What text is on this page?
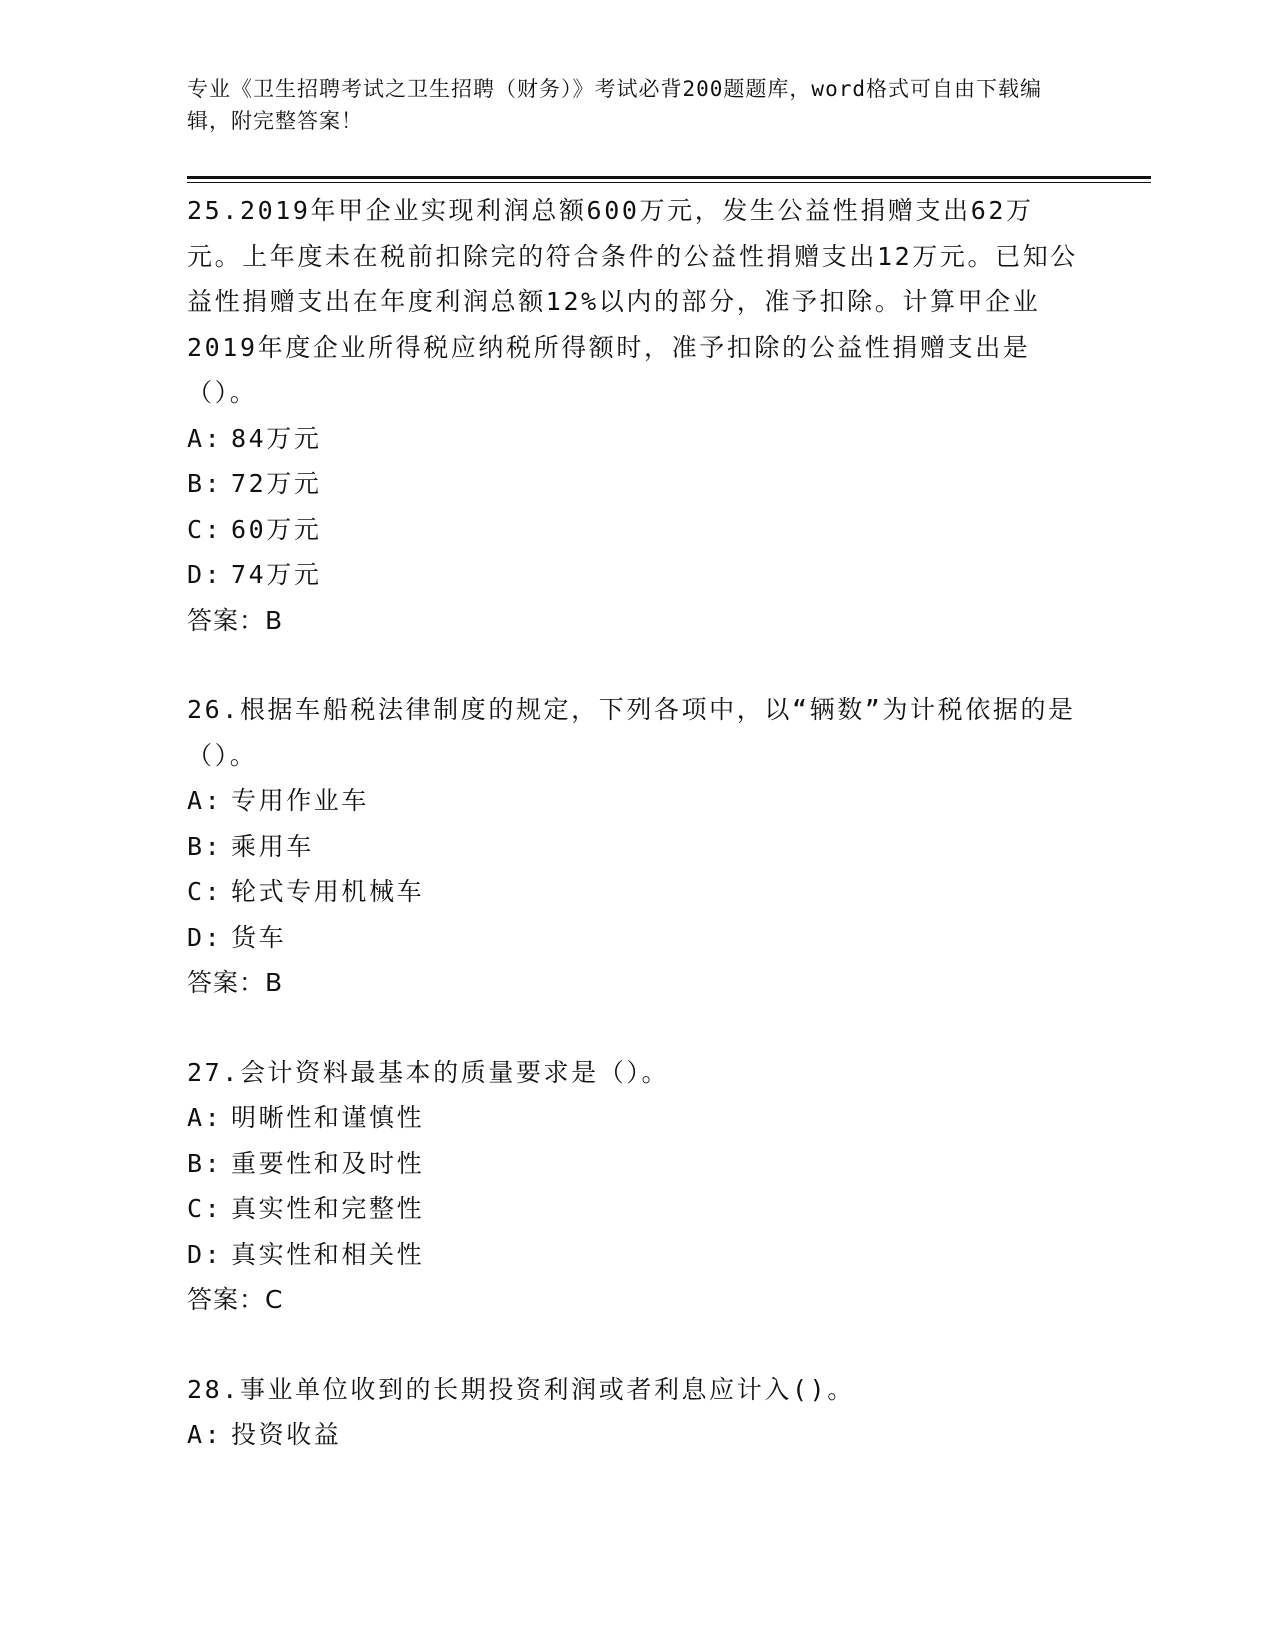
专业《卫生招聘考试之卫生招聘（财务）》考试必背200题题库，word格式可自由下载编辑，附完整答案！

25.2019年甲企业实现利润总额600万元，发生公益性捐赠支出62万元。上年度未在税前扣除完的符合条件的公益性捐赠支出12万元。已知公益性捐赠支出在年度利润总额12%以内的部分，准予扣除。计算甲企业2019年度企业所得税应纳税所得额时，准予扣除的公益性捐赠支出是（）。

A: 84万元

B: 72万元

C: 60万元

D: 74万元

答案：B

26.根据车船税法律制度的规定，下列各项中，以“辆数”为计税依据的是（）。

A: 专用作业车

B: 乘用车

C: 轮式专用机械车

D: 货车

答案：B

27.会计资料最基本的质量要求是（）。

A: 明晰性和谨慎性

B: 重要性和及时性

C: 真实性和完整性

D: 真实性和相关性

答案：C

28.事业单位收到的长期投资利润或者利息应计入()。

A: 投资收益
